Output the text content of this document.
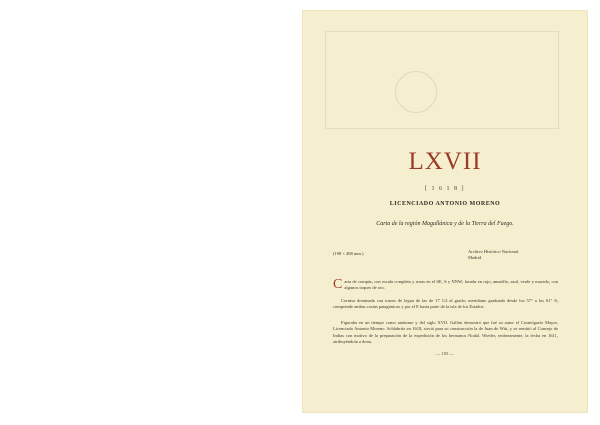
LXVII
[ 1 6 1 8 ]
LICENCIADO ANTONIO MORENO
Carta de la región Magallánica y de la Tierra del Fuego.
(198 × 408 mm.)	Archivo Histórico Nacional.
Madrid.
Carta de compás, con escala completa y rosas en el SE, S y NNW; lavada en rojo, amarillo, azul, verde y morado, con algunos toques de oro.
Cornisa dominada con trazos de legua de las de 17 1/2 al grado; meridiano graduado desde los 57° a los 61° S; comprende ambas costas patagónicas y por el E hasta parte de la isla de los Estados.
Figuraba en un tiempo como anónimo y del siglo XVII. Gallón demostró que fué su autor el Cosmógrafo Mayor, Licenciado Antonio Moreno. Schlabritz en 1618, sirvió para su construcción la de Juan de Witt, y se remitió al Consejo de Indias con motivo de la preparación de la expedición de los hermanos Nodal. Wieder, erróneamente, la fecha en 1611, atribuyéndola a dona.
— 103 —
